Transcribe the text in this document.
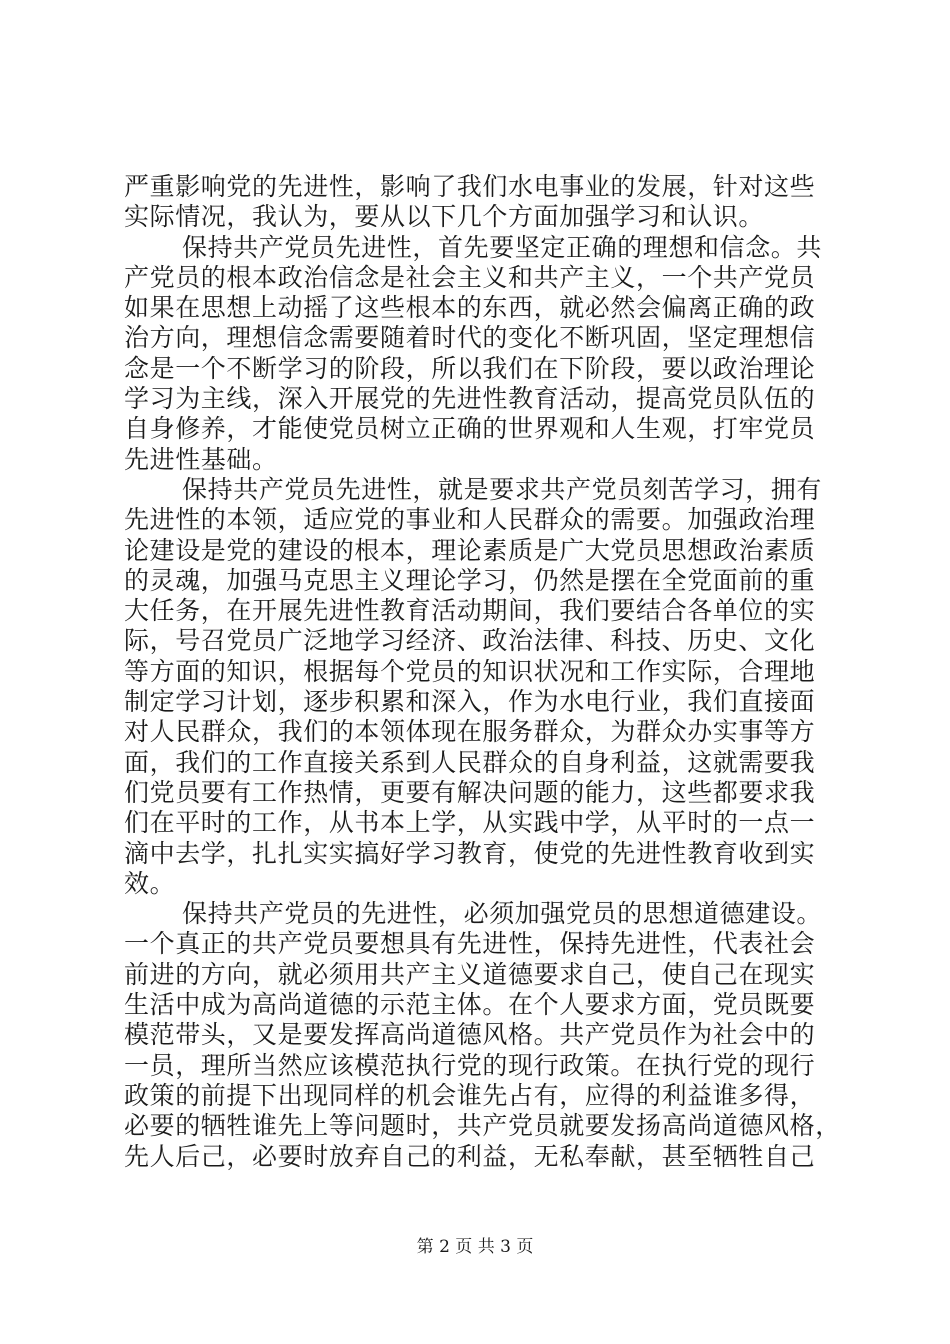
严重影响党的先进性，影响了我们水电事业的发展，针对这些
实际情况，我认为，要从以下几个方面加强学习和认识。
保持共产党员先进性，首先要坚定正确的理想和信念。共
产党员的根本政治信念是社会主义和共产主义，一个共产党员
如果在思想上动摇了这些根本的东西，就必然会偏离正确的政
治方向，理想信念需要随着时代的变化不断巩固，坚定理想信
念是一个不断学习的阶段，所以我们在下阶段，要以政治理论
学习为主线，深入开展党的先进性教育活动，提高党员队伍的
自身修养，才能使党员树立正确的世界观和人生观，打牢党员
先进性基础。
保持共产党员先进性，就是要求共产党员刻苦学习，拥有
先进性的本领，适应党的事业和人民群众的需要。加强政治理
论建设是党的建设的根本，理论素质是广大党员思想政治素质
的灵魂，加强马克思主义理论学习，仍然是摆在全党面前的重
大任务，在开展先进性教育活动期间，我们要结合各单位的实
际，号召党员广泛地学习经济、政治法律、科技、历史、文化
等方面的知识，根据每个党员的知识状况和工作实际，合理地
制定学习计划，逐步积累和深入，作为水电行业，我们直接面
对人民群众，我们的本领体现在服务群众，为群众办实事等方
面，我们的工作直接关系到人民群众的自身利益，这就需要我
们党员要有工作热情，更要有解决问题的能力，这些都要求我
们在平时的工作，从书本上学，从实践中学，从平时的一点一
滴中去学，扎扎实实搞好学习教育，使党的先进性教育收到实
效。
保持共产党员的先进性，必须加强党员的思想道德建设。
一个真正的共产党员要想具有先进性，保持先进性，代表社会
前进的方向，就必须用共产主义道德要求自己，使自己在现实
生活中成为高尚道德的示范主体。在个人要求方面，党员既要
模范带头，又是要发挥高尚道德风格。共产党员作为社会中的
一员，理所当然应该模范执行党的现行政策。在执行党的现行
政策的前提下出现同样的机会谁先占有，应得的利益谁多得，
必要的牺牲谁先上等问题时，共产党员就要发扬高尚道德风格，
先人后己，必要时放弃自己的利益，无私奉献，甚至牺牲自己
第 2 页 共 3 页
